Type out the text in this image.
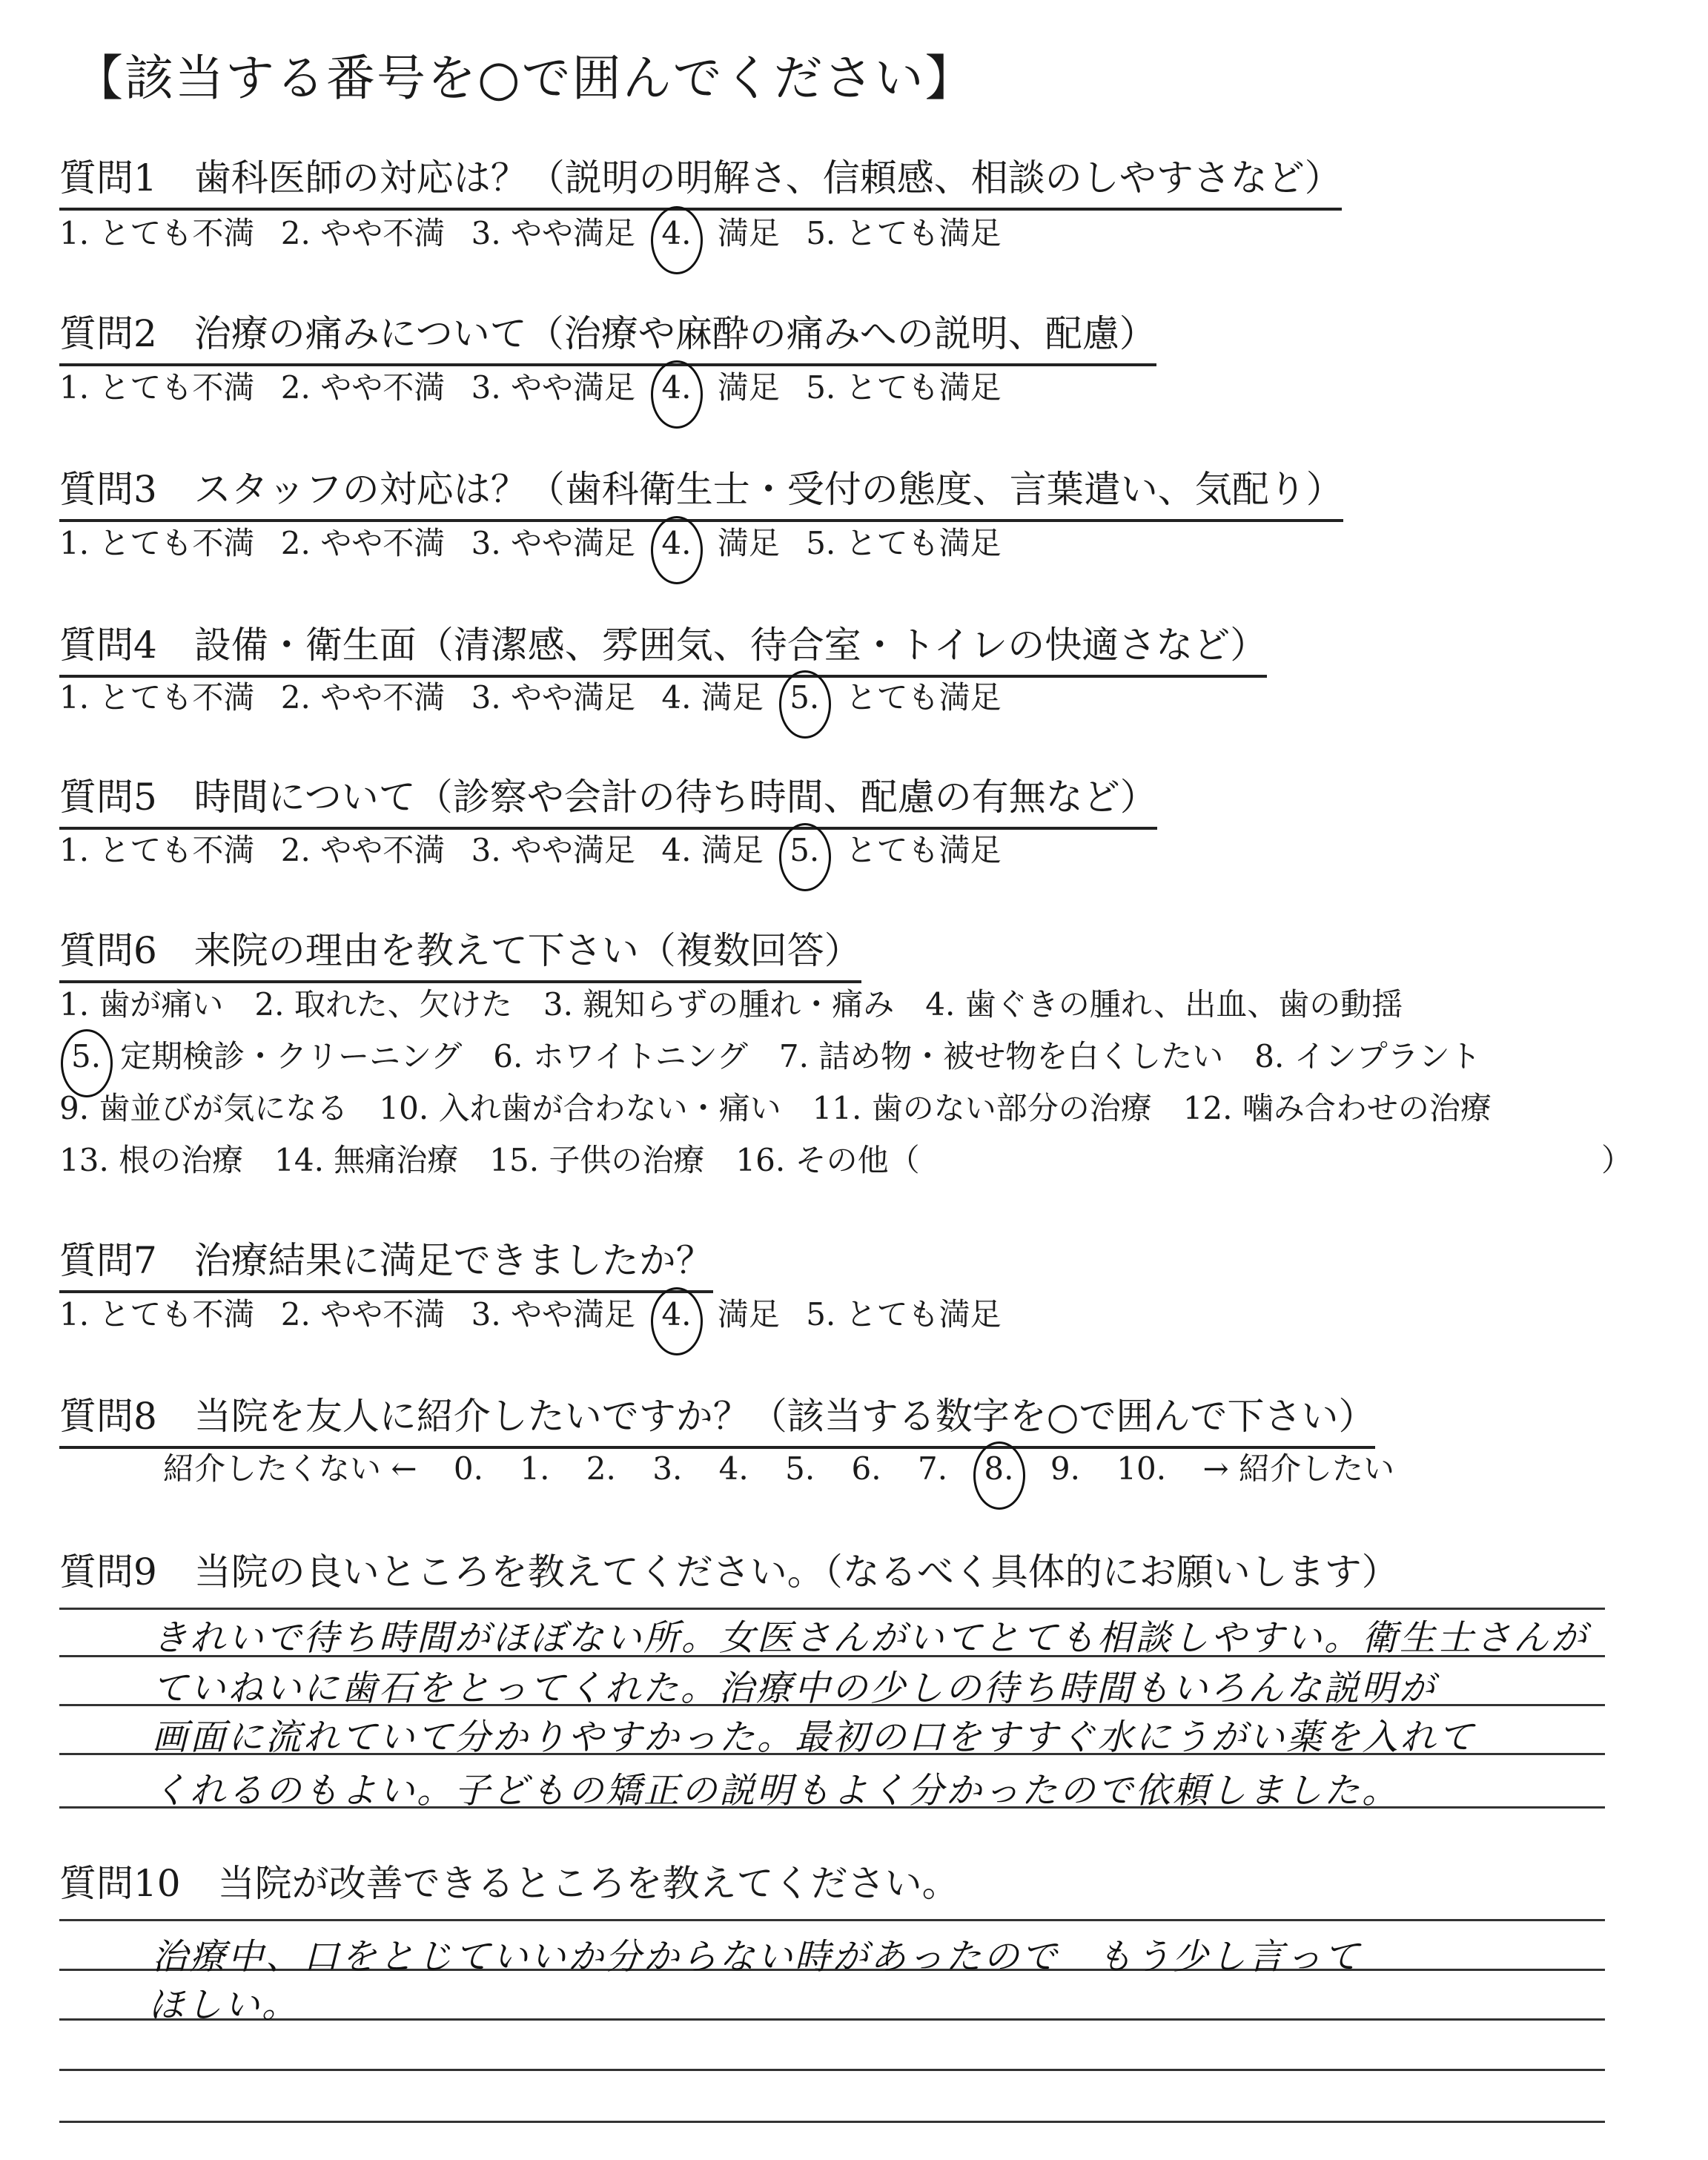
【該当する番号を○で囲んでください】
質問1　歯科医師の対応は？（説明の明解さ、信頼感、相談のしやすさなど）
1. とても不満 2. やや不満 3. やや満足 4. 満足 5. とても満足
質問2　治療の痛みについて（治療や麻酔の痛みへの説明、配慮）
1. とても不満 2. やや不満 3. やや満足 4. 満足 5. とても満足
質問3　スタッフの対応は？（歯科衛生士・受付の態度、言葉遣い、気配り）
1. とても不満 2. やや不満 3. やや満足 4. 満足 5. とても満足
質問4　設備・衛生面（清潔感、雰囲気、待合室・トイレの快適さなど）
1. とても不満 2. やや不満 3. やや満足 4. 満足 5. とても満足
質問5　時間について（診察や会計の待ち時間、配慮の有無など）
1. とても不満 2. やや不満 3. やや満足 4. 満足 5. とても満足
質問6　来院の理由を教えて下さい（複数回答）
1. 歯が痛い　2. 取れた、欠けた　3. 親知らずの腫れ・痛み　4. 歯ぐきの腫れ、出血、歯の動揺
5. 定期検診・クリーニング　6. ホワイトニング　7. 詰め物・被せ物を白くしたい　8. インプラント
9. 歯並びが気になる　10. 入れ歯が合わない・痛い　11. 歯のない部分の治療　12. 噛み合わせの治療
13. 根の治療　14. 無痛治療　15. 子供の治療　16. その他（	）
質問7　治療結果に満足できましたか？
1. とても不満 2. やや不満 3. やや満足 4. 満足 5. とても満足
質問8　当院を友人に紹介したいですか？（該当する数字を○で囲んで下さい）
紹介したくない ← 0. 1. 2. 3. 4. 5. 6. 7. 8. 9. 10. → 紹介したい
質問9　当院の良いところを教えてください。（なるべく具体的にお願いします）
きれいで待ち時間がほぼない所。女医さんがいてとても相談しやすい。衛生士さんが
ていねいに歯石をとってくれた。治療中の少しの待ち時間もいろんな説明が
画面に流れていて分かりやすかった。最初の口をすすぐ水にうがい薬を入れて
くれるのもよい。子どもの矯正の説明もよく分かったので依頼しました。
質問10　当院が改善できるところを教えてください。
治療中、口をとじていいか分からない時があったので　もう少し言って
ほしい。
